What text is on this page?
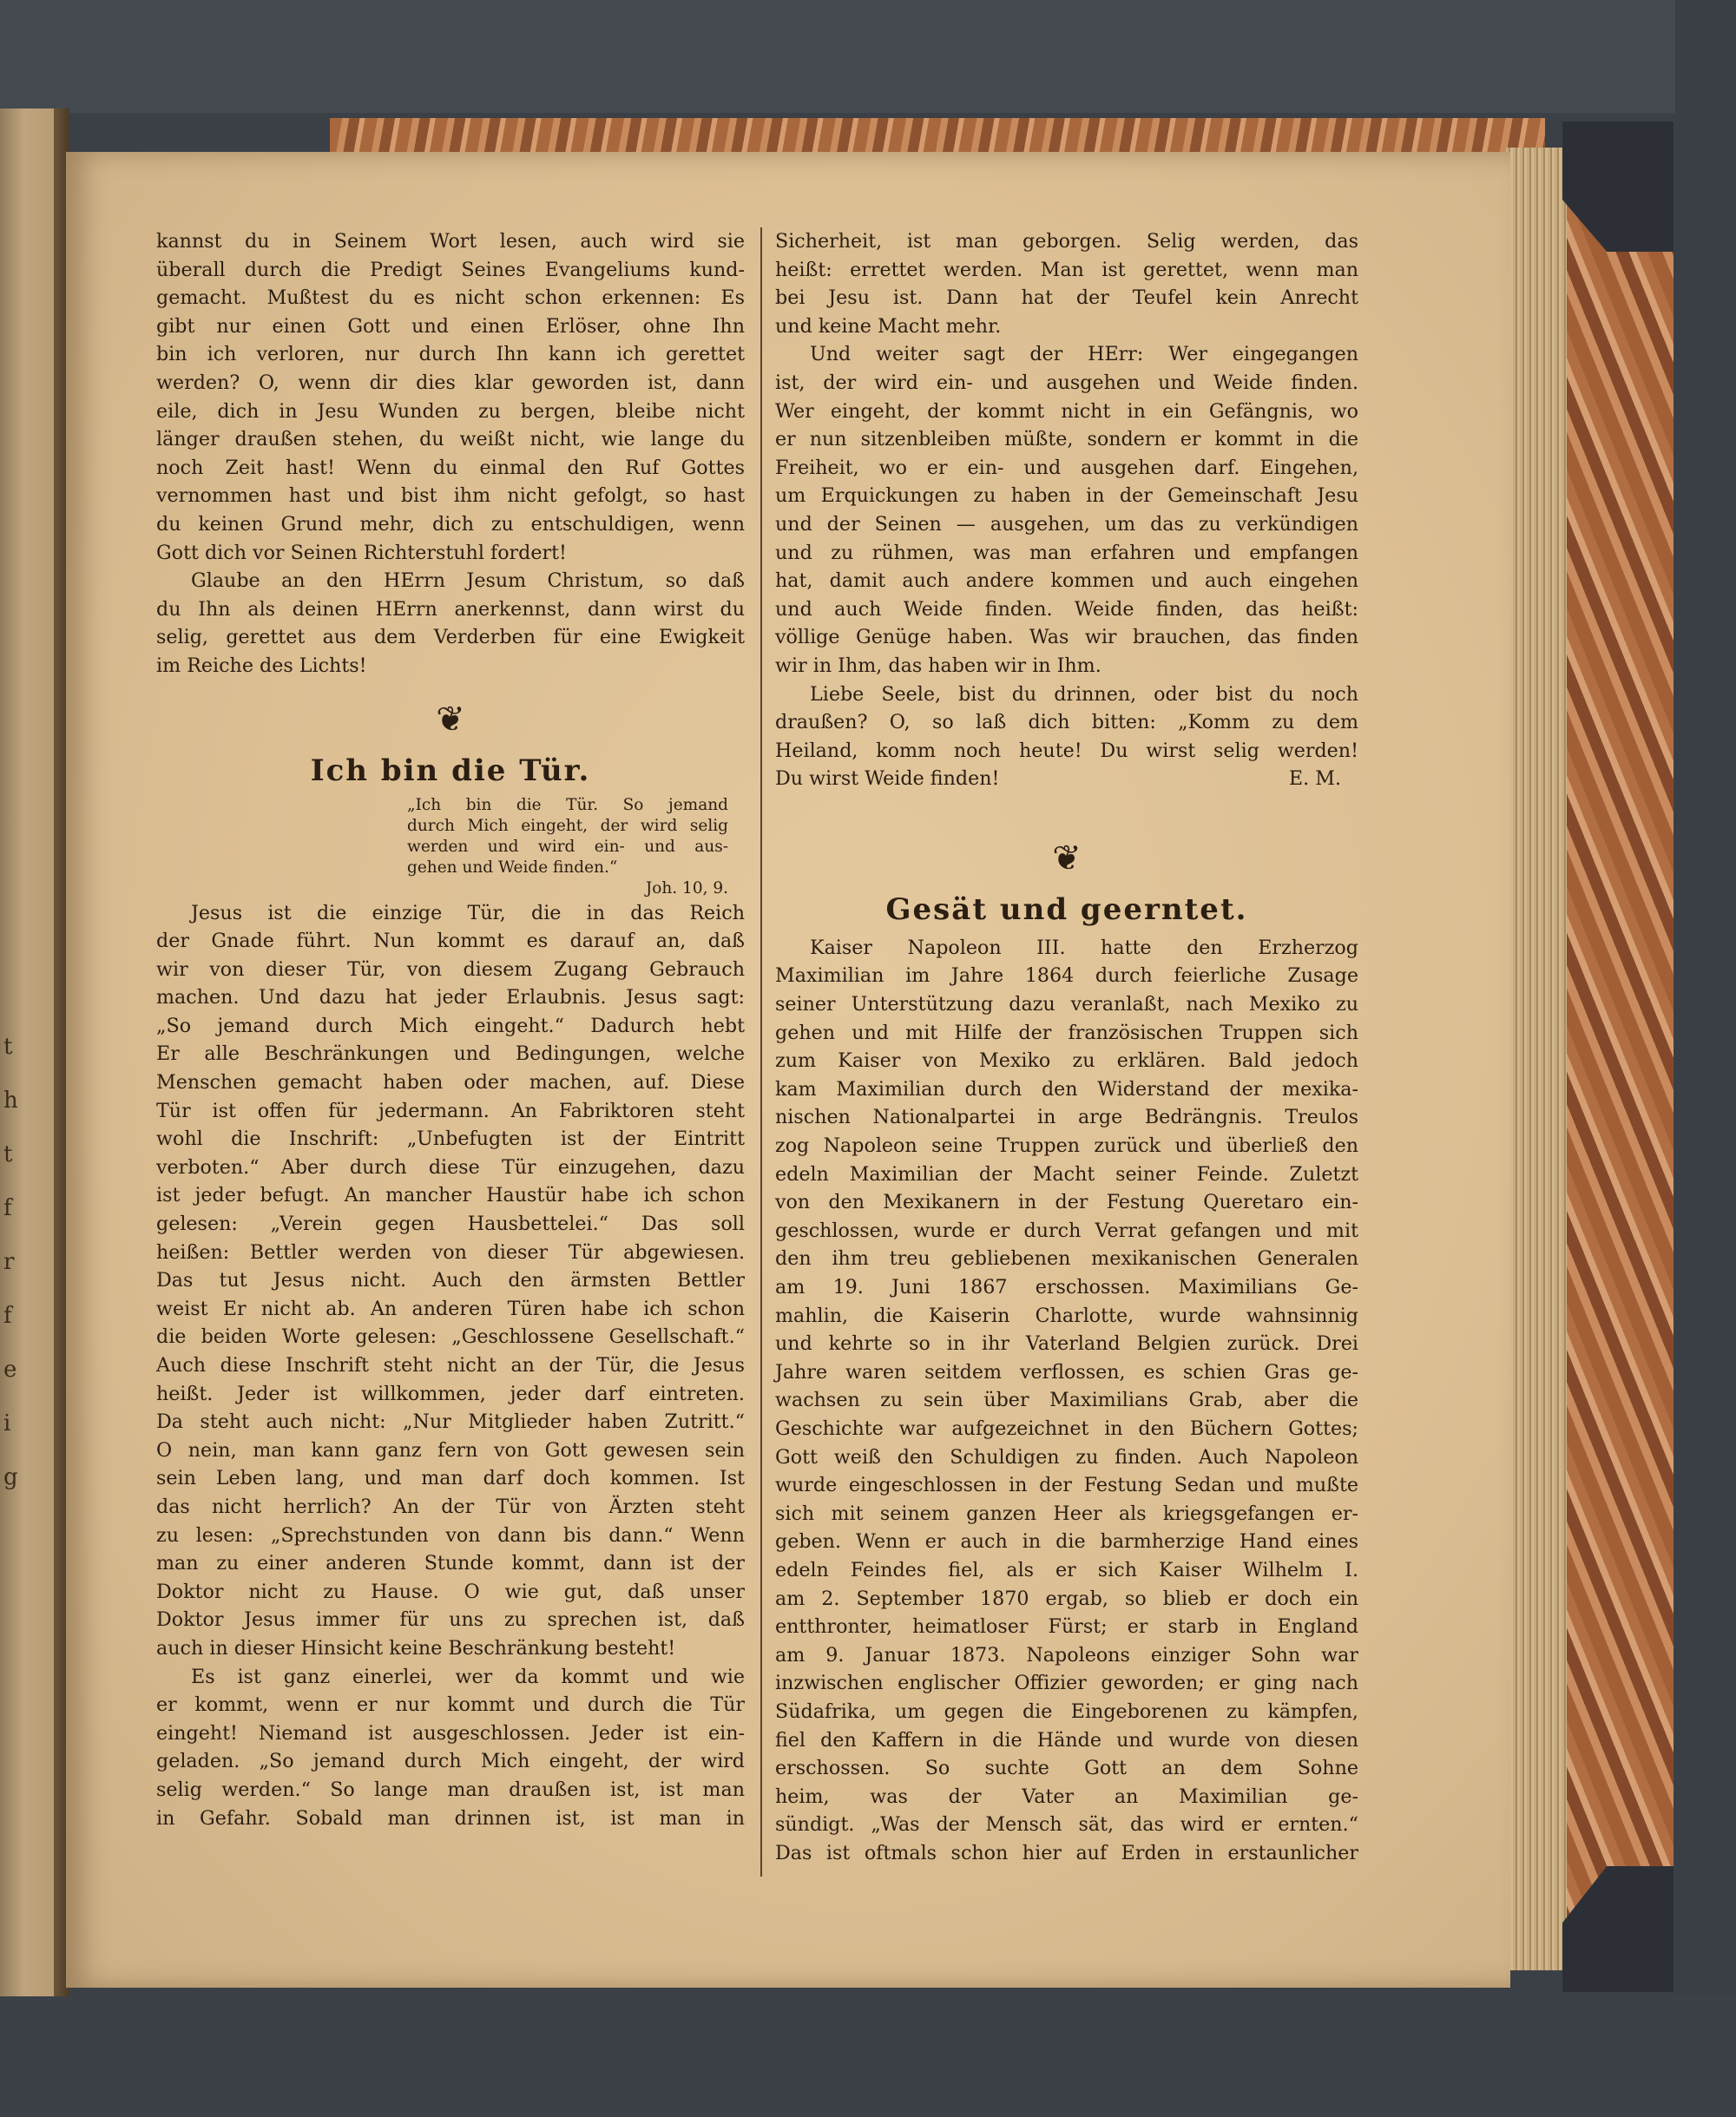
t
h
t
f
r
f
e
i
g

kannst du in Seinem Wort lesen, auch wird sie

überall durch die Predigt Seines Evangeliums kund-

gemacht. Mußtest du es nicht schon erkennen: Es

gibt nur einen Gott und einen Erlöser, ohne Ihn

bin ich verloren, nur durch Ihn kann ich gerettet

werden? O, wenn dir dies klar geworden ist, dann

eile, dich in Jesu Wunden zu bergen, bleibe nicht

länger draußen stehen, du weißt nicht, wie lange du

noch Zeit hast! Wenn du einmal den Ruf Gottes

vernommen hast und bist ihm nicht gefolgt, so hast

du keinen Grund mehr, dich zu entschuldigen, wenn

Gott dich vor Seinen Richterstuhl fordert!

Glaube an den HErrn Jesum Christum, so daß

du Ihn als deinen HErrn anerkennst, dann wirst du

selig, gerettet aus dem Verderben für eine Ewigkeit

im Reiche des Lichts!

❦
Ich bin die Tür.

„Ich bin die Tür. So jemand

durch Mich eingeht, der wird selig

werden und wird ein- und aus-

gehen und Weide finden.“

Joh. 10, 9.

Jesus ist die einzige Tür, die in das Reich

der Gnade führt. Nun kommt es darauf an, daß

wir von dieser Tür, von diesem Zugang Gebrauch

machen. Und dazu hat jeder Erlaubnis. Jesus sagt:

„So jemand durch Mich eingeht.“ Dadurch hebt

Er alle Beschränkungen und Bedingungen, welche

Menschen gemacht haben oder machen, auf. Diese

Tür ist offen für jedermann. An Fabriktoren steht

wohl die Inschrift: „Unbefugten ist der Eintritt

verboten.“ Aber durch diese Tür einzugehen, dazu

ist jeder befugt. An mancher Haustür habe ich schon

gelesen: „Verein gegen Hausbettelei.“ Das soll

heißen: Bettler werden von dieser Tür abgewiesen.

Das tut Jesus nicht. Auch den ärmsten Bettler

weist Er nicht ab. An anderen Türen habe ich schon

die beiden Worte gelesen: „Geschlossene Gesellschaft.“

Auch diese Inschrift steht nicht an der Tür, die Jesus

heißt. Jeder ist willkommen, jeder darf eintreten.

Da steht auch nicht: „Nur Mitglieder haben Zutritt.“

O nein, man kann ganz fern von Gott gewesen sein

sein Leben lang, und man darf doch kommen. Ist

das nicht herrlich? An der Tür von Ärzten steht

zu lesen: „Sprechstunden von dann bis dann.“ Wenn

man zu einer anderen Stunde kommt, dann ist der

Doktor nicht zu Hause. O wie gut, daß unser

Doktor Jesus immer für uns zu sprechen ist, daß

auch in dieser Hinsicht keine Beschränkung besteht!

Es ist ganz einerlei, wer da kommt und wie

er kommt, wenn er nur kommt und durch die Tür

eingeht! Niemand ist ausgeschlossen. Jeder ist ein-

geladen. „So jemand durch Mich eingeht, der wird

selig werden.“ So lange man draußen ist, ist man

in Gefahr. Sobald man drinnen ist, ist man in

Sicherheit, ist man geborgen. Selig werden, das

heißt: errettet werden. Man ist gerettet, wenn man

bei Jesu ist. Dann hat der Teufel kein Anrecht

und keine Macht mehr.

Und weiter sagt der HErr: Wer eingegangen

ist, der wird ein- und ausgehen und Weide finden.

Wer eingeht, der kommt nicht in ein Gefängnis, wo

er nun sitzenbleiben müßte, sondern er kommt in die

Freiheit, wo er ein- und ausgehen darf. Eingehen,

um Erquickungen zu haben in der Gemeinschaft Jesu

und der Seinen — ausgehen, um das zu verkündigen

und zu rühmen, was man erfahren und empfangen

hat, damit auch andere kommen und auch eingehen

und auch Weide finden. Weide finden, das heißt:

völlige Genüge haben. Was wir brauchen, das finden

wir in Ihm, das haben wir in Ihm.

Liebe Seele, bist du drinnen, oder bist du noch

draußen? O, so laß dich bitten: „Komm zu dem

Heiland, komm noch heute! Du wirst selig werden!

Du wirst Weide finden!	E. M.
❦
Gesät und geerntet.

Kaiser Napoleon III. hatte den Erzherzog

Maximilian im Jahre 1864 durch feierliche Zusage

seiner Unterstützung dazu veranlaßt, nach Mexiko zu

gehen und mit Hilfe der französischen Truppen sich

zum Kaiser von Mexiko zu erklären. Bald jedoch

kam Maximilian durch den Widerstand der mexika-

nischen Nationalpartei in arge Bedrängnis. Treulos

zog Napoleon seine Truppen zurück und überließ den

edeln Maximilian der Macht seiner Feinde. Zuletzt

von den Mexikanern in der Festung Queretaro ein-

geschlossen, wurde er durch Verrat gefangen und mit

den ihm treu gebliebenen mexikanischen Generalen

am 19. Juni 1867 erschossen. Maximilians Ge-

mahlin, die Kaiserin Charlotte, wurde wahnsinnig

und kehrte so in ihr Vaterland Belgien zurück. Drei

Jahre waren seitdem verflossen, es schien Gras ge-

wachsen zu sein über Maximilians Grab, aber die

Geschichte war aufgezeichnet in den Büchern Gottes;

Gott weiß den Schuldigen zu finden. Auch Napoleon

wurde eingeschlossen in der Festung Sedan und mußte

sich mit seinem ganzen Heer als kriegsgefangen er-

geben. Wenn er auch in die barmherzige Hand eines

edeln Feindes fiel, als er sich Kaiser Wilhelm I.

am 2. September 1870 ergab, so blieb er doch ein

entthronter, heimatloser Fürst; er starb in England

am 9. Januar 1873. Napoleons einziger Sohn war

inzwischen englischer Offizier geworden; er ging nach

Südafrika, um gegen die Eingeborenen zu kämpfen,

fiel den Kaffern in die Hände und wurde von diesen

erschossen. So suchte Gott an dem Sohne

heim, was der Vater an Maximilian ge-

sündigt. „Was der Mensch sät, das wird er ernten.“

Das ist oftmals schon hier auf Erden in erstaunlicher
